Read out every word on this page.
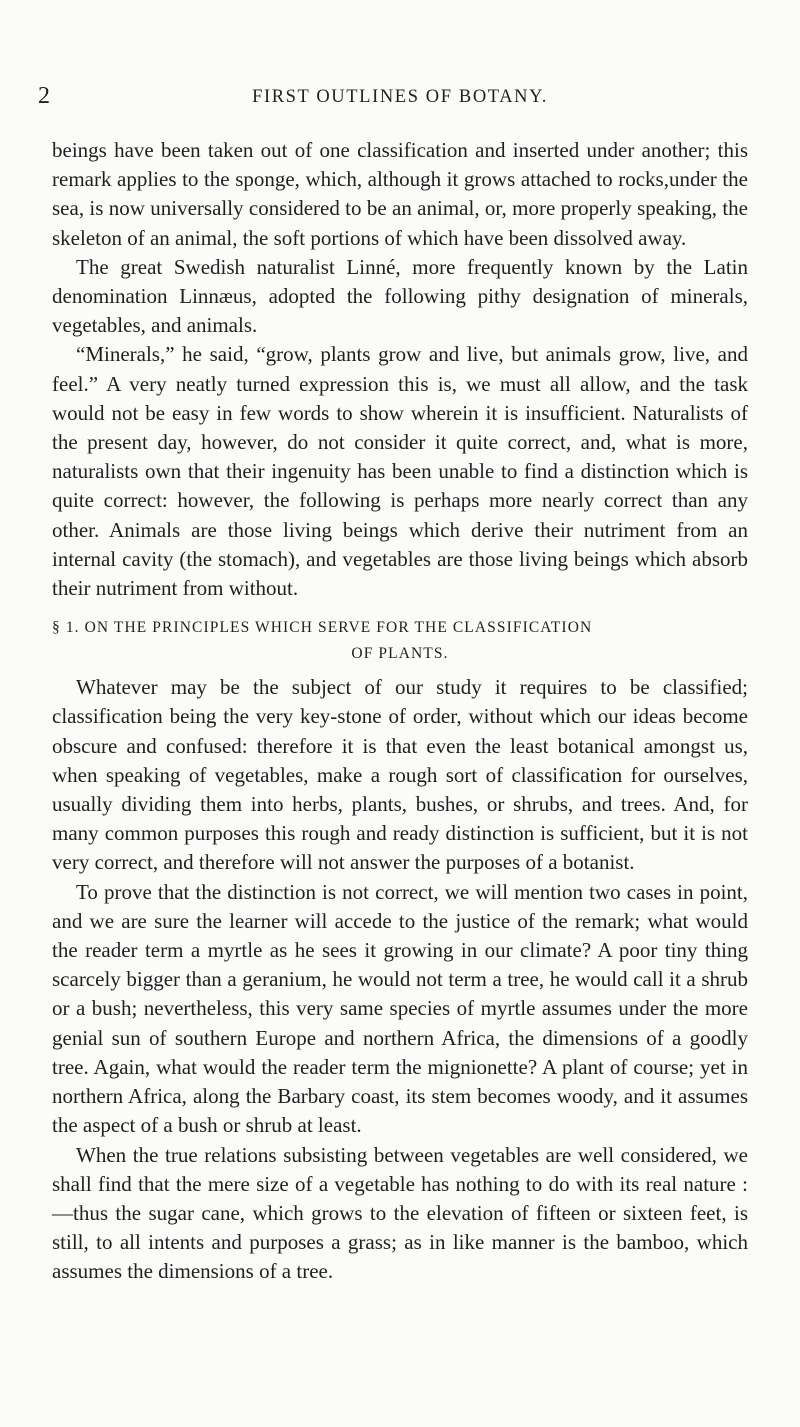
2	FIRST OUTLINES OF BOTANY.

beings have been taken out of one classification and inserted under another; this remark applies to the sponge, which, although it grows attached to rocks,under the sea, is now universally considered to be an animal, or, more properly speaking, the skeleton of an animal, the soft portions of which have been dissolved away.

The great Swedish naturalist Linné, more frequently known by the Latin denomination Linnæus, adopted the following pithy designation of minerals, vegetables, and animals.

“Minerals,” he said, “grow, plants grow and live, but animals grow, live, and feel.” A very neatly turned expression this is, we must all allow, and the task would not be easy in few words to show wherein it is insufficient. Naturalists of the present day, however, do not consider it quite correct, and, what is more, naturalists own that their ingenuity has been unable to find a distinction which is quite correct: however, the following is perhaps more nearly correct than any other. Animals are those living beings which derive their nutriment from an internal cavity (the stomach), and vegetables are those living beings which absorb their nutriment from without.

§ 1. ON THE PRINCIPLES WHICH SERVE FOR THE CLASSIFICATION
OF PLANTS.

Whatever may be the subject of our study it requires to be classified; classification being the very key-stone of order, without which our ideas become obscure and confused: therefore it is that even the least botanical amongst us, when speaking of vegetables, make a rough sort of classification for ourselves, usually dividing them into herbs, plants, bushes, or shrubs, and trees. And, for many common purposes this rough and ready distinction is sufficient, but it is not very correct, and therefore will not answer the purposes of a botanist.

To prove that the distinction is not correct, we will mention two cases in point, and we are sure the learner will accede to the justice of the remark; what would the reader term a myrtle as he sees it growing in our climate? A poor tiny thing scarcely bigger than a geranium, he would not term a tree, he would call it a shrub or a bush; nevertheless, this very same species of myrtle assumes under the more genial sun of southern Europe and northern Africa, the dimensions of a goodly tree. Again, what would the reader term the mignionette? A plant of course; yet in northern Africa, along the Barbary coast, its stem becomes woody, and it assumes the aspect of a bush or shrub at least.

When the true relations subsisting between vegetables are well considered, we shall find that the mere size of a vegetable has nothing to do with its real nature :—thus the sugar cane, which grows to the elevation of fifteen or sixteen feet, is still, to all intents and purposes a grass; as in like manner is the bamboo, which assumes the dimensions of a tree.
